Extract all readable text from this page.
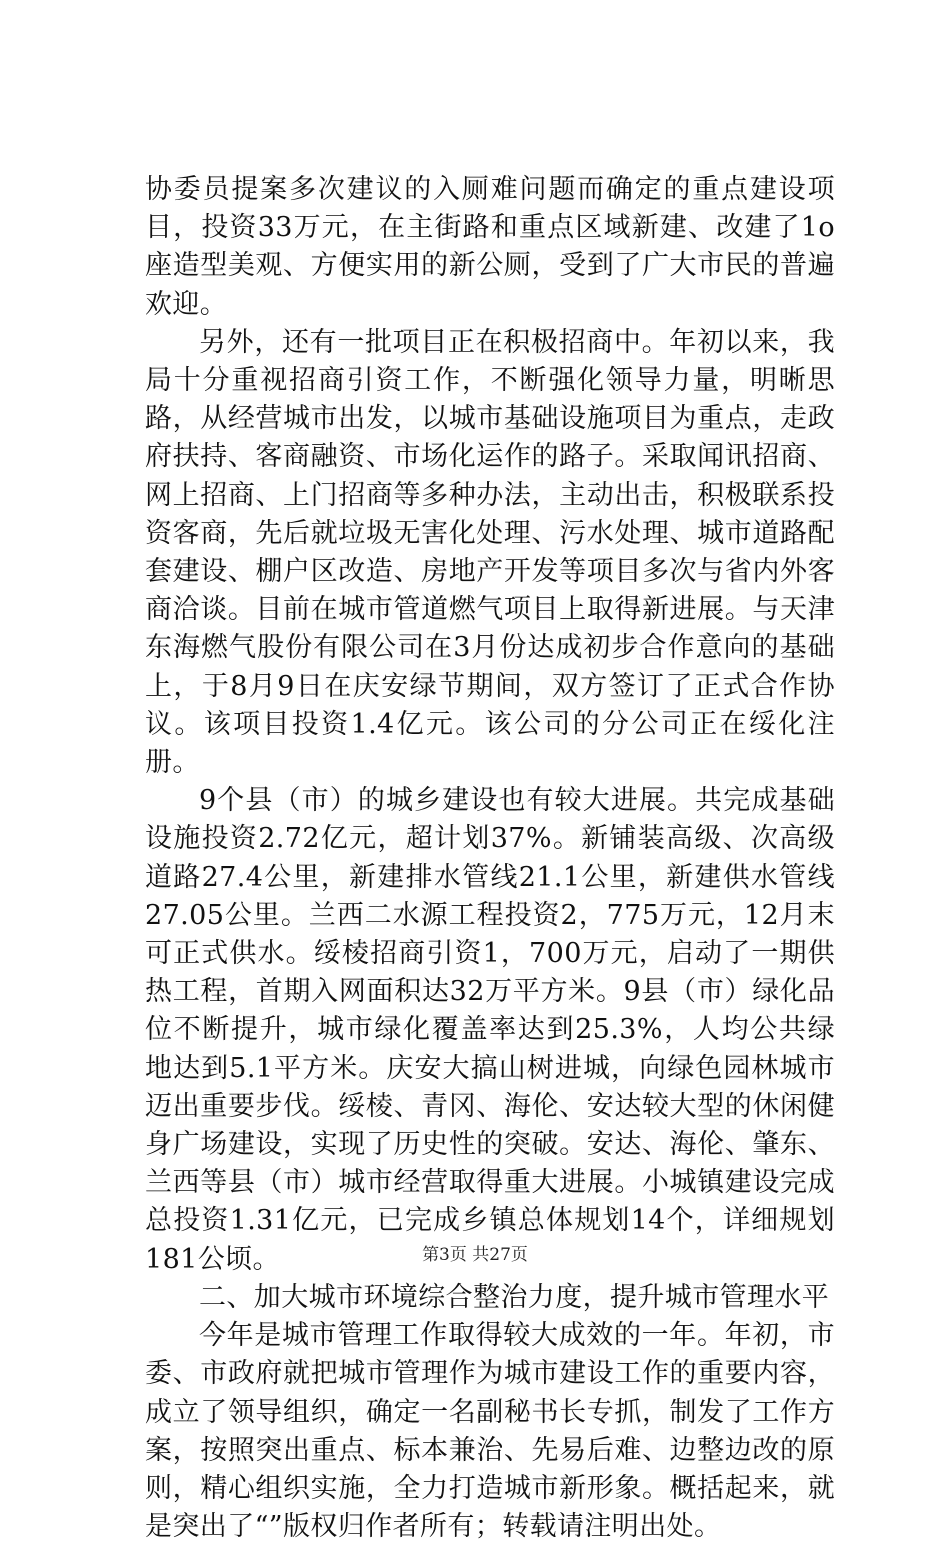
协委员提案多次建议的入厕难问题而确定的重点建设项目，投资33万元，在主街路和重点区域新建、改建了1o座造型美观、方便实用的新公厕，受到了广大市民的普遍欢迎。

另外，还有一批项目正在积极招商中。年初以来，我局十分重视招商引资工作，不断强化领导力量，明晰思路，从经营城市出发，以城市基础设施项目为重点，走政府扶持、客商融资、市场化运作的路子。采取闻讯招商、网上招商、上门招商等多种办法，主动出击，积极联系投资客商，先后就垃圾无害化处理、污水处理、城市道路配套建设、棚户区改造、房地产开发等项目多次与省内外客商洽谈。目前在城市管道燃气项目上取得新进展。与天津东海燃气股份有限公司在3月份达成初步合作意向的基础上，于8月9日在庆安绿节期间，双方签订了正式合作协议。该项目投资1.4亿元。该公司的分公司正在绥化注册。

9个县（市）的城乡建设也有较大进展。共完成基础设施投资2.72亿元，超计划37%。新铺装高级、次高级道路27.4公里，新建排水管线21.1公里，新建供水管线27.05公里。兰西二水源工程投资2，775万元，12月末可正式供水。绥棱招商引资1，700万元，启动了一期供热工程，首期入网面积达32万平方米。9县（市）绿化品位不断提升，城市绿化覆盖率达到25.3%，人均公共绿地达到5.1平方米。庆安大搞山树进城，向绿色园林城市迈出重要步伐。绥棱、青冈、海伦、安达较大型的休闲健身广场建设，实现了历史性的突破。安达、海伦、肇东、兰西等县（市）城市经营取得重大进展。小城镇建设完成总投资1.31亿元，已完成乡镇总体规划14个，详细规划181公顷。

二、加大城市环境综合整治力度，提升城市管理水平

今年是城市管理工作取得较大成效的一年。年初，市委、市政府就把城市管理作为城市建设工作的重要内容，成立了领导组织，确定一名副秘书长专抓，制发了工作方案，按照突出重点、标本兼治、先易后难、边整边改的原则，精心组织实施，全力打造城市新形象。概括起来，就是突出了“”版权归作者所有；转载请注明出处。

第3页 共27页
